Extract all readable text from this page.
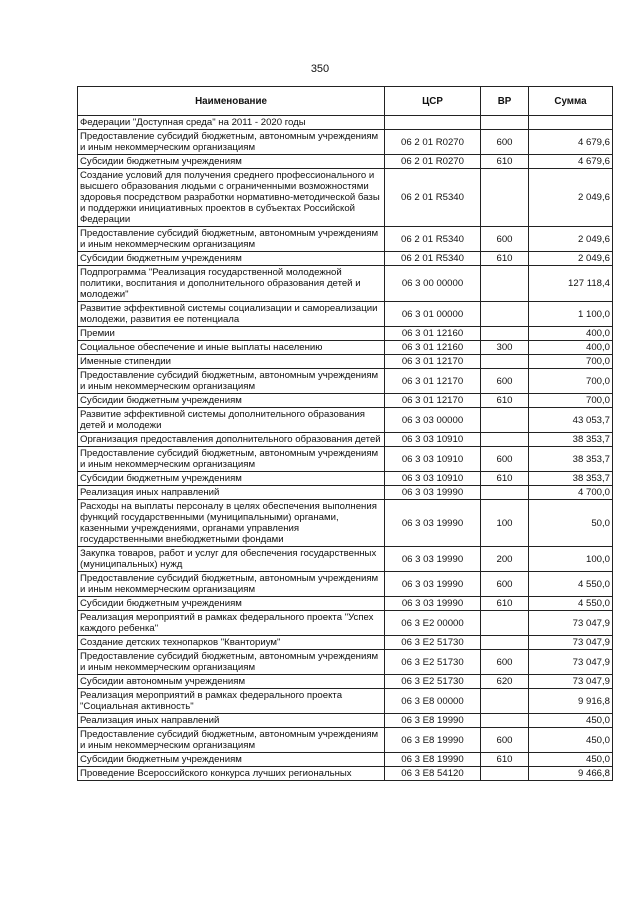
350
Наименование	ЦСР	ВР	Сумма
Федерации "Доступная среда" на 2011 - 2020 годы			
Предоставление субсидий бюджетным, автономным учреждениям и иным некоммерческим организациям	06 2 01 R0270	600	4 679,6
Субсидии бюджетным учреждениям	06 2 01 R0270	610	4 679,6
Создание условий для получения среднего профессионального и высшего образования людьми с ограниченными возможностями здоровья посредством разработки нормативно-методической базы и поддержки инициативных проектов в субъектах Российской Федерации	06 2 01 R5340		2 049,6
Предоставление субсидий бюджетным, автономным учреждениям и иным некоммерческим организациям	06 2 01 R5340	600	2 049,6
Субсидии бюджетным учреждениям	06 2 01 R5340	610	2 049,6
Подпрограмма "Реализация государственной молодежной политики, воспитания и дополнительного образования детей и молодежи"	06 3 00 00000		127 118,4
Развитие эффективной системы социализации и самореализации молодежи, развития ее потенциала	06 3 01 00000		1 100,0
Премии	06 3 01 12160		400,0
Социальное обеспечение и иные выплаты населению	06 3 01 12160	300	400,0
Именные стипендии	06 3 01 12170		700,0
Предоставление субсидий бюджетным, автономным учреждениям и иным некоммерческим организациям	06 3 01 12170	600	700,0
Субсидии бюджетным учреждениям	06 3 01 12170	610	700,0
Развитие эффективной системы дополнительного образования детей и молодежи	06 3 03 00000		43 053,7
Организация предоставления дополнительного образования детей	06 3 03 10910		38 353,7
Предоставление субсидий бюджетным, автономным учреждениям и иным некоммерческим организациям	06 3 03 10910	600	38 353,7
Субсидии бюджетным учреждениям	06 3 03 10910	610	38 353,7
Реализация иных направлений	06 3 03 19990		4 700,0
Расходы на выплаты персоналу в целях обеспечения выполнения функций государственными (муниципальными) органами, казенными учреждениями, органами управления государственными внебюджетными фондами	06 3 03 19990	100	50,0
Закупка товаров, работ и услуг для обеспечения государственных (муниципальных) нужд	06 3 03 19990	200	100,0
Предоставление субсидий бюджетным, автономным учреждениям и иным некоммерческим организациям	06 3 03 19990	600	4 550,0
Субсидии бюджетным учреждениям	06 3 03 19990	610	4 550,0
Реализация мероприятий в рамках федерального проекта "Успех каждого ребенка"	06 3 E2 00000		73 047,9
Создание детских технопарков "Кванториум"	06 3 E2 51730		73 047,9
Предоставление субсидий бюджетным, автономным учреждениям и иным некоммерческим организациям	06 3 E2 51730	600	73 047,9
Субсидии автономным учреждениям	06 3 E2 51730	620	73 047,9
Реализация мероприятий в рамках федерального проекта "Социальная активность"	06 3 E8 00000		9 916,8
Реализация иных направлений	06 3 E8 19990		450,0
Предоставление субсидий бюджетным, автономным учреждениям и иным некоммерческим организациям	06 3 E8 19990	600	450,0
Субсидии бюджетным учреждениям	06 3 E8 19990	610	450,0
Проведение Всероссийского конкурса лучших региональных	06 3 E8 54120		9 466,8
